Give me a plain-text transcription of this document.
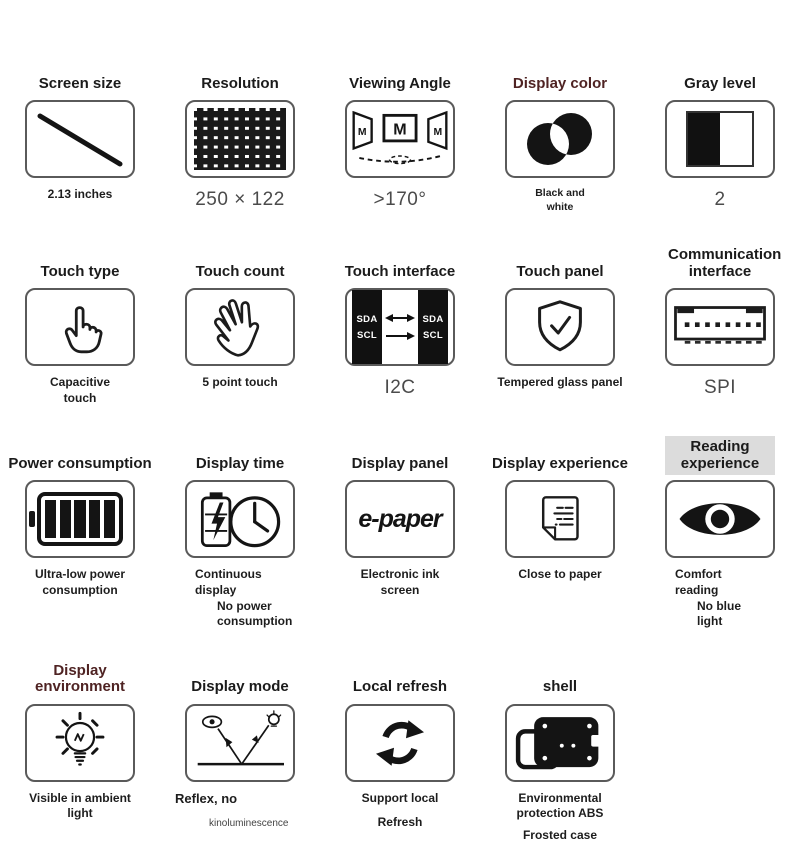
Screen size
2.13 inches
Resolution
250 × 122
Viewing Angle
M
M	M
>170°
Display color
Black and
white
Gray level
2
Touch type
Capacitive
touch
Touch count
5 point touch
Touch interface
SDA
SCL
SDA
SCL
I2C
Touch panel
Tempered glass panel
Communication interface
SPI
Power consumption
Ultra-low power
consumption
Display time
Continuous
display
No power
consumption
Display panel
e-paper
Electronic ink
screen
Display experience
Close to paper
Reading experience
Comfort
reading
No blue
light
Display environment
Visible in ambient
light
Display mode
Reflex, no
kinoluminescence
Local refresh
Support local
Refresh
shell
Environmental
protection ABS
Frosted case
